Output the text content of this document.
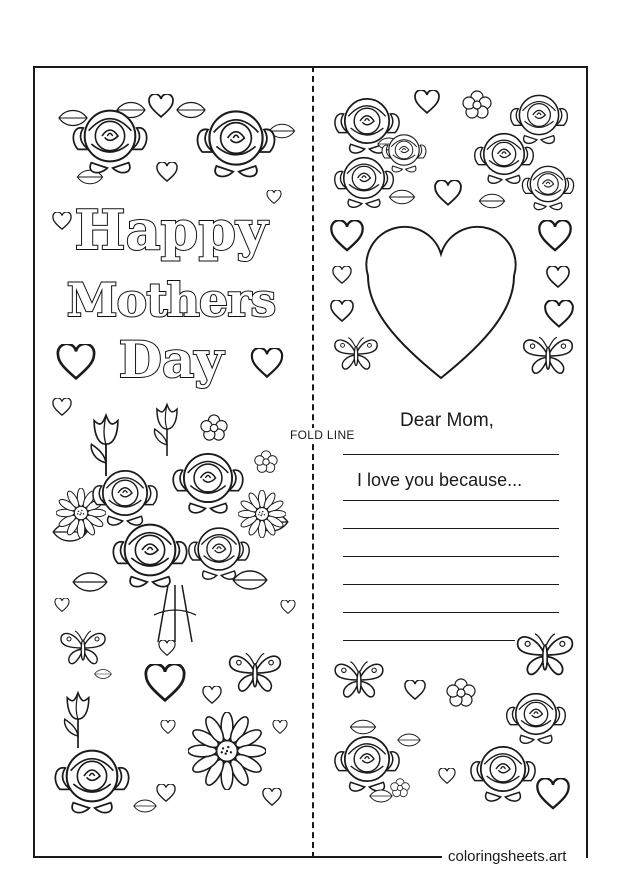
FOLD LINE
Happy
Mothers
Day
Dear Mom,
I love you because...
coloringsheets.art
